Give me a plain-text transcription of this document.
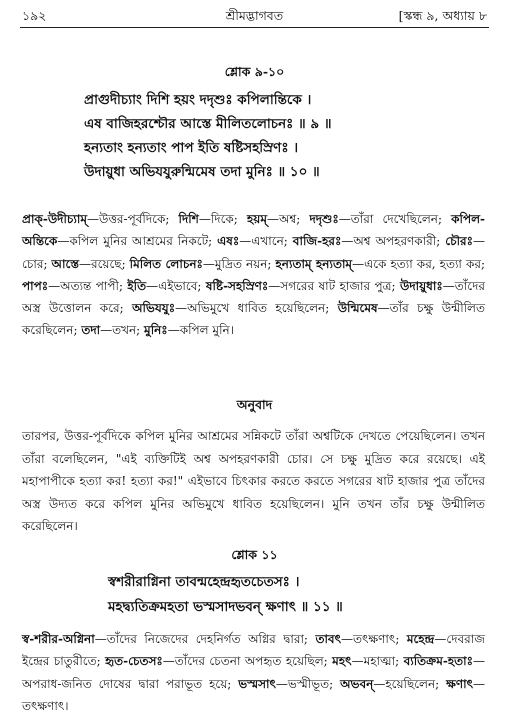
১৯২	শ্রীমদ্ভাগবত	[স্কন্ধ ৯, অধ্যায় ৮
শ্লোক ৯-১০
প্রাগুদীচ্যাং দিশি হয়ং দদৃশুঃ কপিলান্তিকে ।
এষ বাজিহরশ্চৌর আস্তে মীলিতলোচনঃ ॥ ৯ ॥
হন্যতাং হন্যতাং পাপ ইতি ষষ্টিসহস্রিণঃ ।
উদায়ুধা অভিযযুরুন্মিমেষ তদা মুনিঃ ॥ ১০ ॥

প্রাক্-উদীচ্যাম্—উত্তর-পূর্বদিকে; দিশি—দিকে; হয়ম্—অশ্ব; দদৃশুঃ—তাঁরা দেখেছিলেন; কপিল-অন্তিকে—কপিল মুনির আশ্রমের নিকটে; এষঃ—এখানে; বাজি-হরঃ—অশ্ব অপহরণকারী; চৌরঃ—চোর; আস্তে—রয়েছে; মিলিত লোচনঃ—মুদ্রিত নয়ন; হন্যতাম্ হন্যতাম্—একে হত্যা কর, হত্যা কর; পাপঃ—অত্যন্ত পাপী; ইতি—এইভাবে; ষষ্টি-সহস্রিণঃ—সগরের ষাট হাজার পুত্র; উদায়ুধাঃ—তাঁদের অস্ত্র উত্তোলন করে; অভিযযুঃ—অভিমুখে ধাবিত হয়েছিলেন; উন্মিমেষ—তাঁর চক্ষু উন্মীলিত করেছিলেন; তদা—তখন; মুনিঃ—কপিল মুনি।

অনুবাদ

তারপর, উত্তর-পূর্বদিকে কপিল মুনির আশ্রমের সন্নিকটে তাঁরা অশ্বটিকে দেখতে পেয়েছিলেন। তখন তাঁরা বলেছিলেন, "এই ব্যক্তিটিই অশ্ব অপহরণকারী চোর। সে চক্ষু মুদ্রিত করে রয়েছে। এই মহাপাপীকে হত্যা কর! হত্যা কর!" এইভাবে চিৎকার করতে করতে সগরের ষাট হাজার পুত্র তাঁদের অস্ত্র উদ্যত করে কপিল মুনির অভিমুখে ধাবিত হয়েছিলেন। মুনি তখন তাঁর চক্ষু উন্মীলিত করেছিলেন।

শ্লোক ১১
স্বশরীরাগ্নিনা তাবন্মহেন্দ্রহৃতচেতসঃ ।
মহদ্ব্যতিক্রমহতা ভস্মসাদভবন্ ক্ষণাৎ ॥ ১১ ॥

স্ব-শরীর-অগ্নিনা—তাঁদের নিজেদের দেহনির্গত অগ্নির দ্বারা; তাবৎ—তৎক্ষণাৎ; মহেন্দ্র—দেবরাজ ইন্দ্রের চাতুরীতে; হৃত-চেতসঃ—তাঁদের চেতনা অপহৃত হয়েছিল; মহৎ—মহাত্মা; ব্যতিক্রম-হতাঃ—অপরাধ-জনিত দোষের দ্বারা পরাভূত হয়ে; ভস্মসাৎ—ভস্মীভূত; অভবন্—হয়েছিলেন; ক্ষণাৎ—তৎক্ষণাৎ।
